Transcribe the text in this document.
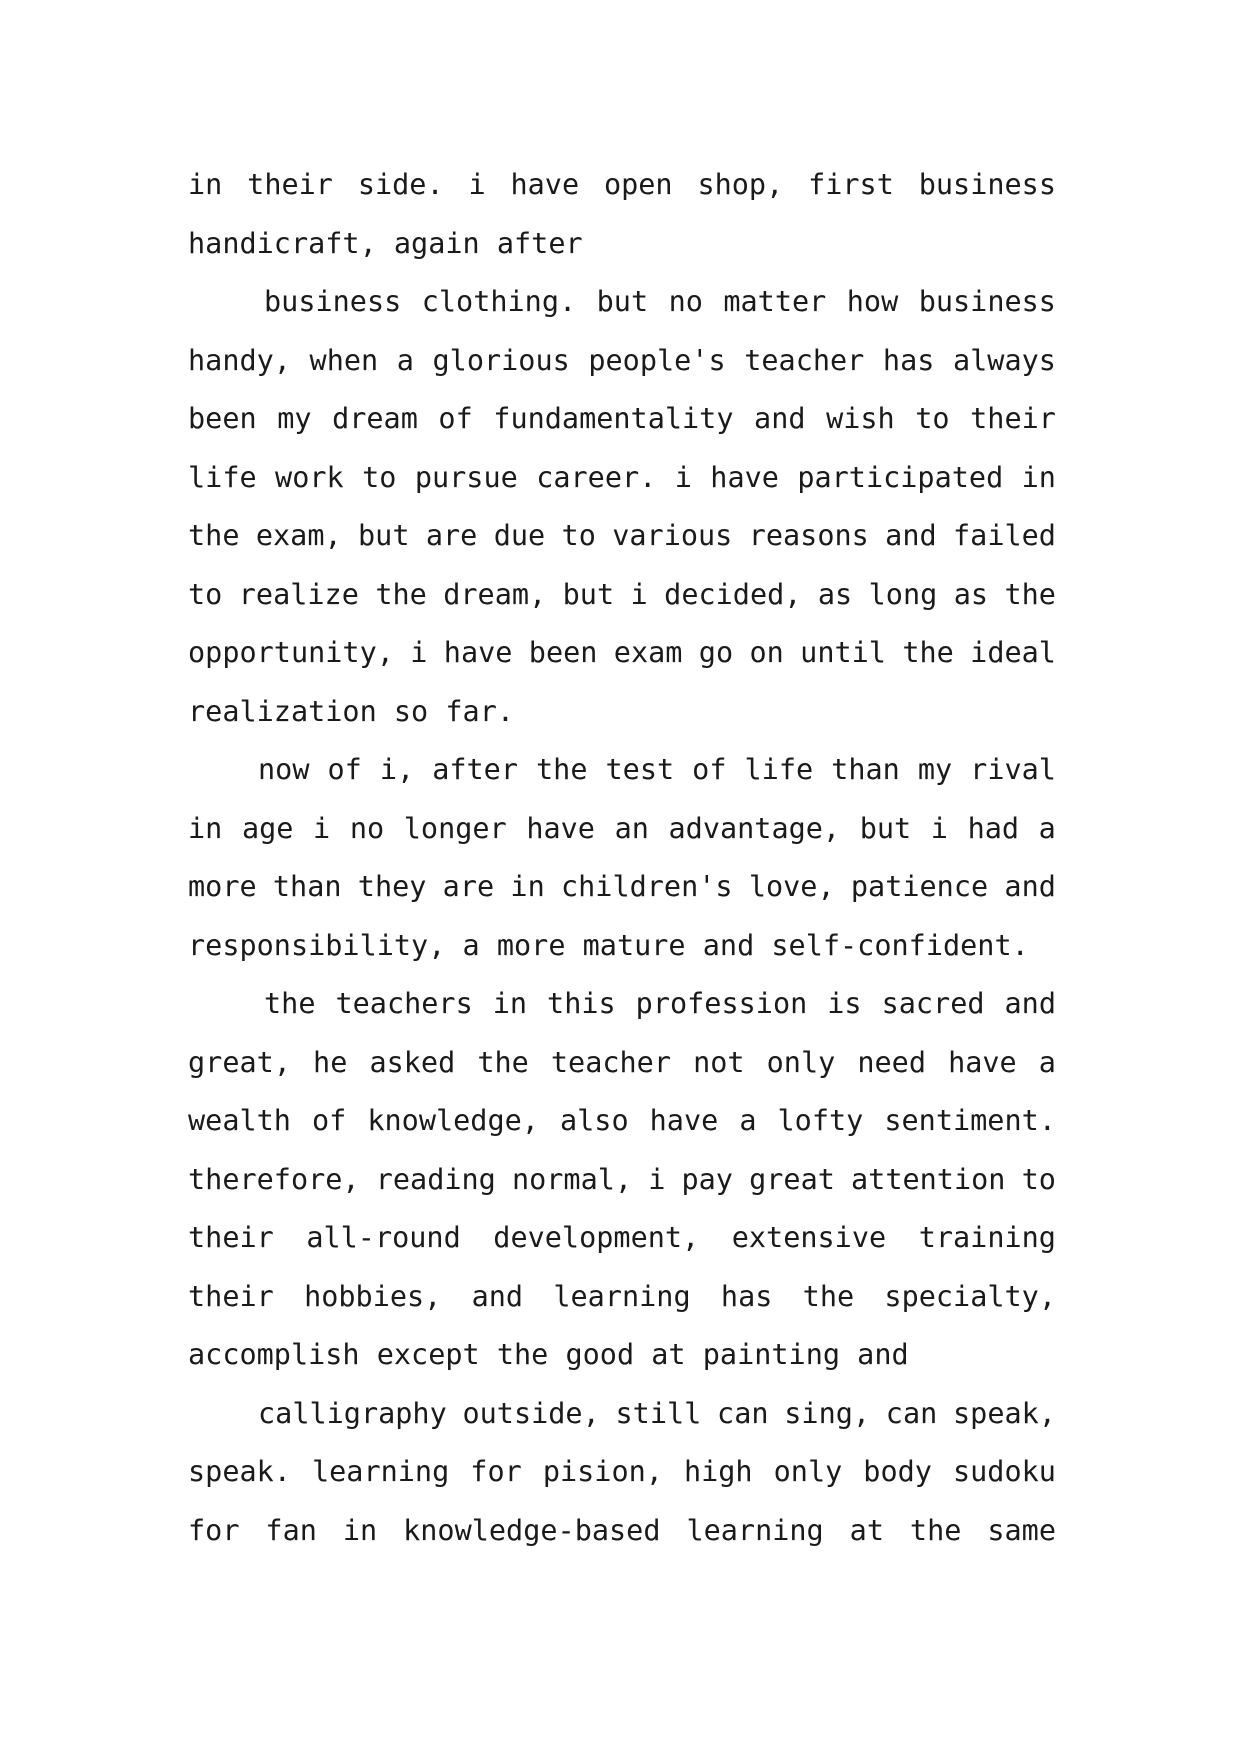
in their side. i have open shop, first business
handicraft, again after
business clothing. but no matter how business
handy, when a glorious people's teacher has always
been my dream of fundamentality and wish to their
life work to pursue career. i have participated in
the exam, but are due to various reasons and failed
to realize the dream, but i decided, as long as the
opportunity, i have been exam go on until the ideal
realization so far.
now of i, after the test of life than my rival
in age i no longer have an advantage, but i had a
more than they are in children's love, patience and
responsibility, a more mature and self-confident.
the teachers in this profession is sacred and
great, he asked the teacher not only need have a
wealth of knowledge, also have a lofty sentiment.
therefore, reading normal, i pay great attention to
their all-round development, extensive training
their hobbies, and learning has the specialty,
accomplish except the good at painting and
calligraphy outside, still can sing, can speak,
speak. learning for pision, high only body sudoku
for fan in knowledge-based learning at the same
